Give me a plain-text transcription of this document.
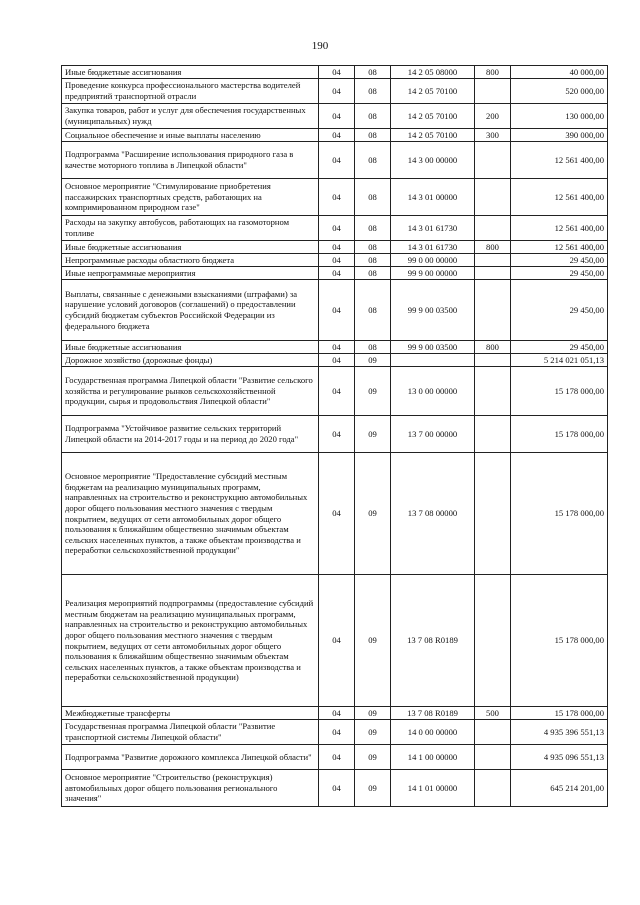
190
Иные бюджетные ассигнования	04	08	14 2 05 08000	800	40 000,00
Проведение конкурса профессионального мастерства водителей предприятий транспортной отрасли	04	08	14 2 05 70100		520 000,00
Закупка товаров, работ и услуг для обеспечения государственных (муниципальных) нужд	04	08	14 2 05 70100	200	130 000,00
Социальное обеспечение и иные выплаты населению	04	08	14 2 05 70100	300	390 000,00
Подпрограмма "Расширение использования природного газа в качестве моторного топлива в Липецкой области"	04	08	14 3 00 00000		12 561 400,00
Основное мероприятие "Стимулирование приобретения пассажирских транспортных средств, работающих на компримированном природном газе"	04	08	14 3 01 00000		12 561 400,00
Расходы на закупку автобусов, работающих на газомоторном топливе	04	08	14 3 01 61730		12 561 400,00
Иные бюджетные ассигнования	04	08	14 3 01 61730	800	12 561 400,00
Непрограммные расходы областного бюджета	04	08	99 0 00 00000		29 450,00
Иные непрограммные мероприятия	04	08	99 9 00 00000		29 450,00
Выплаты, связанные с денежными взысканиями (штрафами) за нарушение условий договоров (соглашений) о предоставлении субсидий бюджетам субъектов Российской Федерации из федерального бюджета	04	08	99 9 00 03500		29 450,00
Иные бюджетные ассигнования	04	08	99 9 00 03500	800	29 450,00
Дорожное хозяйство (дорожные фонды)	04	09			5 214 021 051,13
Государственная программа Липецкой области "Развитие сельского хозяйства и регулирование рынков сельскохозяйственной продукции, сырья и продовольствия Липецкой области"	04	09	13 0 00 00000		15 178 000,00
Подпрограмма "Устойчивое развитие сельских территорий Липецкой области на 2014-2017 годы и на период до 2020 года"	04	09	13 7 00 00000		15 178 000,00
Основное мероприятие "Предоставление субсидий местным бюджетам на реализацию муниципальных программ, направленных на строительство и реконструкцию автомобильных дорог общего пользования местного значения с твердым покрытием, ведущих от сети автомобильных дорог общего пользования к ближайшим общественно значимым объектам сельских населенных пунктов, а также объектам производства и переработки сельскохозяйственной продукции"	04	09	13 7 08 00000		15 178 000,00
Реализация мероприятий подпрограммы (предоставление субсидий местным бюджетам на реализацию муниципальных программ, направленных на строительство и реконструкцию автомобильных дорог общего пользования местного значения с твердым покрытием, ведущих от сети автомобильных дорог общего пользования к ближайшим общественно значимым объектам сельских населенных пунктов, а также объектам производства и переработки сельскохозяйственной продукции)	04	09	13 7 08 R0189		15 178 000,00
Межбюджетные трансферты	04	09	13 7 08 R0189	500	15 178 000,00
Государственная программа Липецкой области "Развитие транспортной системы Липецкой области"	04	09	14 0 00 00000		4 935 396 551,13
Подпрограмма "Развитие дорожного комплекса Липецкой области"	04	09	14 1 00 00000		4 935 096 551,13
Основное мероприятие "Строительство (реконструкция) автомобильных дорог общего пользования регионального значения"	04	09	14 1 01 00000		645 214 201,00
